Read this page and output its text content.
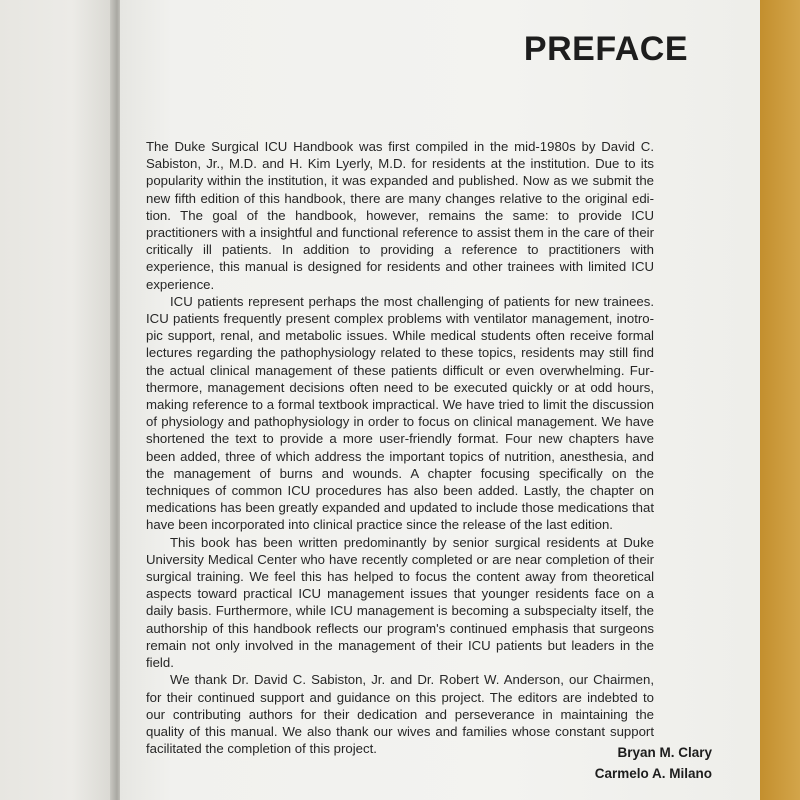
PREFACE

The Duke Surgical ICU Handbook was first compiled in the mid-1980s by David C. Sabiston, Jr., M.D. and H. Kim Lyerly, M.D. for residents at the institution. Due to its popularity within the institution, it was expanded and published. Now as we submit the new fifth edition of this handbook, there are many changes relative to the original edition. The goal of the handbook, however, remains the same: to provide ICU practitioners with a insightful and functional reference to assist them in the care of their critically ill patients. In addition to providing a reference to practitioners with experience, this manual is designed for residents and other trainees with limited ICU experience.

ICU patients represent perhaps the most challenging of patients for new trainees. ICU patients frequently present complex problems with ventilator management, inotropic support, renal, and metabolic issues. While medical students often receive formal lectures regarding the pathophysiology related to these topics, residents may still find the actual clinical management of these patients difficult or even overwhelming. Furthermore, management decisions often need to be executed quickly or at odd hours, making reference to a formal textbook impractical. We have tried to limit the discussion of physiology and pathophysiology in order to focus on clinical management. We have shortened the text to provide a more user-friendly format. Four new chapters have been added, three of which address the important topics of nutrition, anesthesia, and the management of burns and wounds. A chapter focusing specifically on the techniques of common ICU procedures has also been added. Lastly, the chapter on medications has been greatly expanded and updated to include those medications that have been incorporated into clinical practice since the release of the last edition.

This book has been written predominantly by senior surgical residents at Duke University Medical Center who have recently completed or are near completion of their surgical training. We feel this has helped to focus the content away from theoretical aspects toward practical ICU management issues that younger residents face on a daily basis. Furthermore, while ICU management is becoming a subspecialty itself, the authorship of this handbook reflects our program's continued emphasis that surgeons remain not only involved in the management of their ICU patients but leaders in the field.

We thank Dr. David C. Sabiston, Jr. and Dr. Robert W. Anderson, our Chairmen, for their continued support and guidance on this project. The editors are indebted to our contributing authors for their dedication and perseverance in maintaining the quality of this manual. We also thank our wives and families whose constant support facilitated the completion of this project.	Bryan M. Clary
Carmelo A. Milano
